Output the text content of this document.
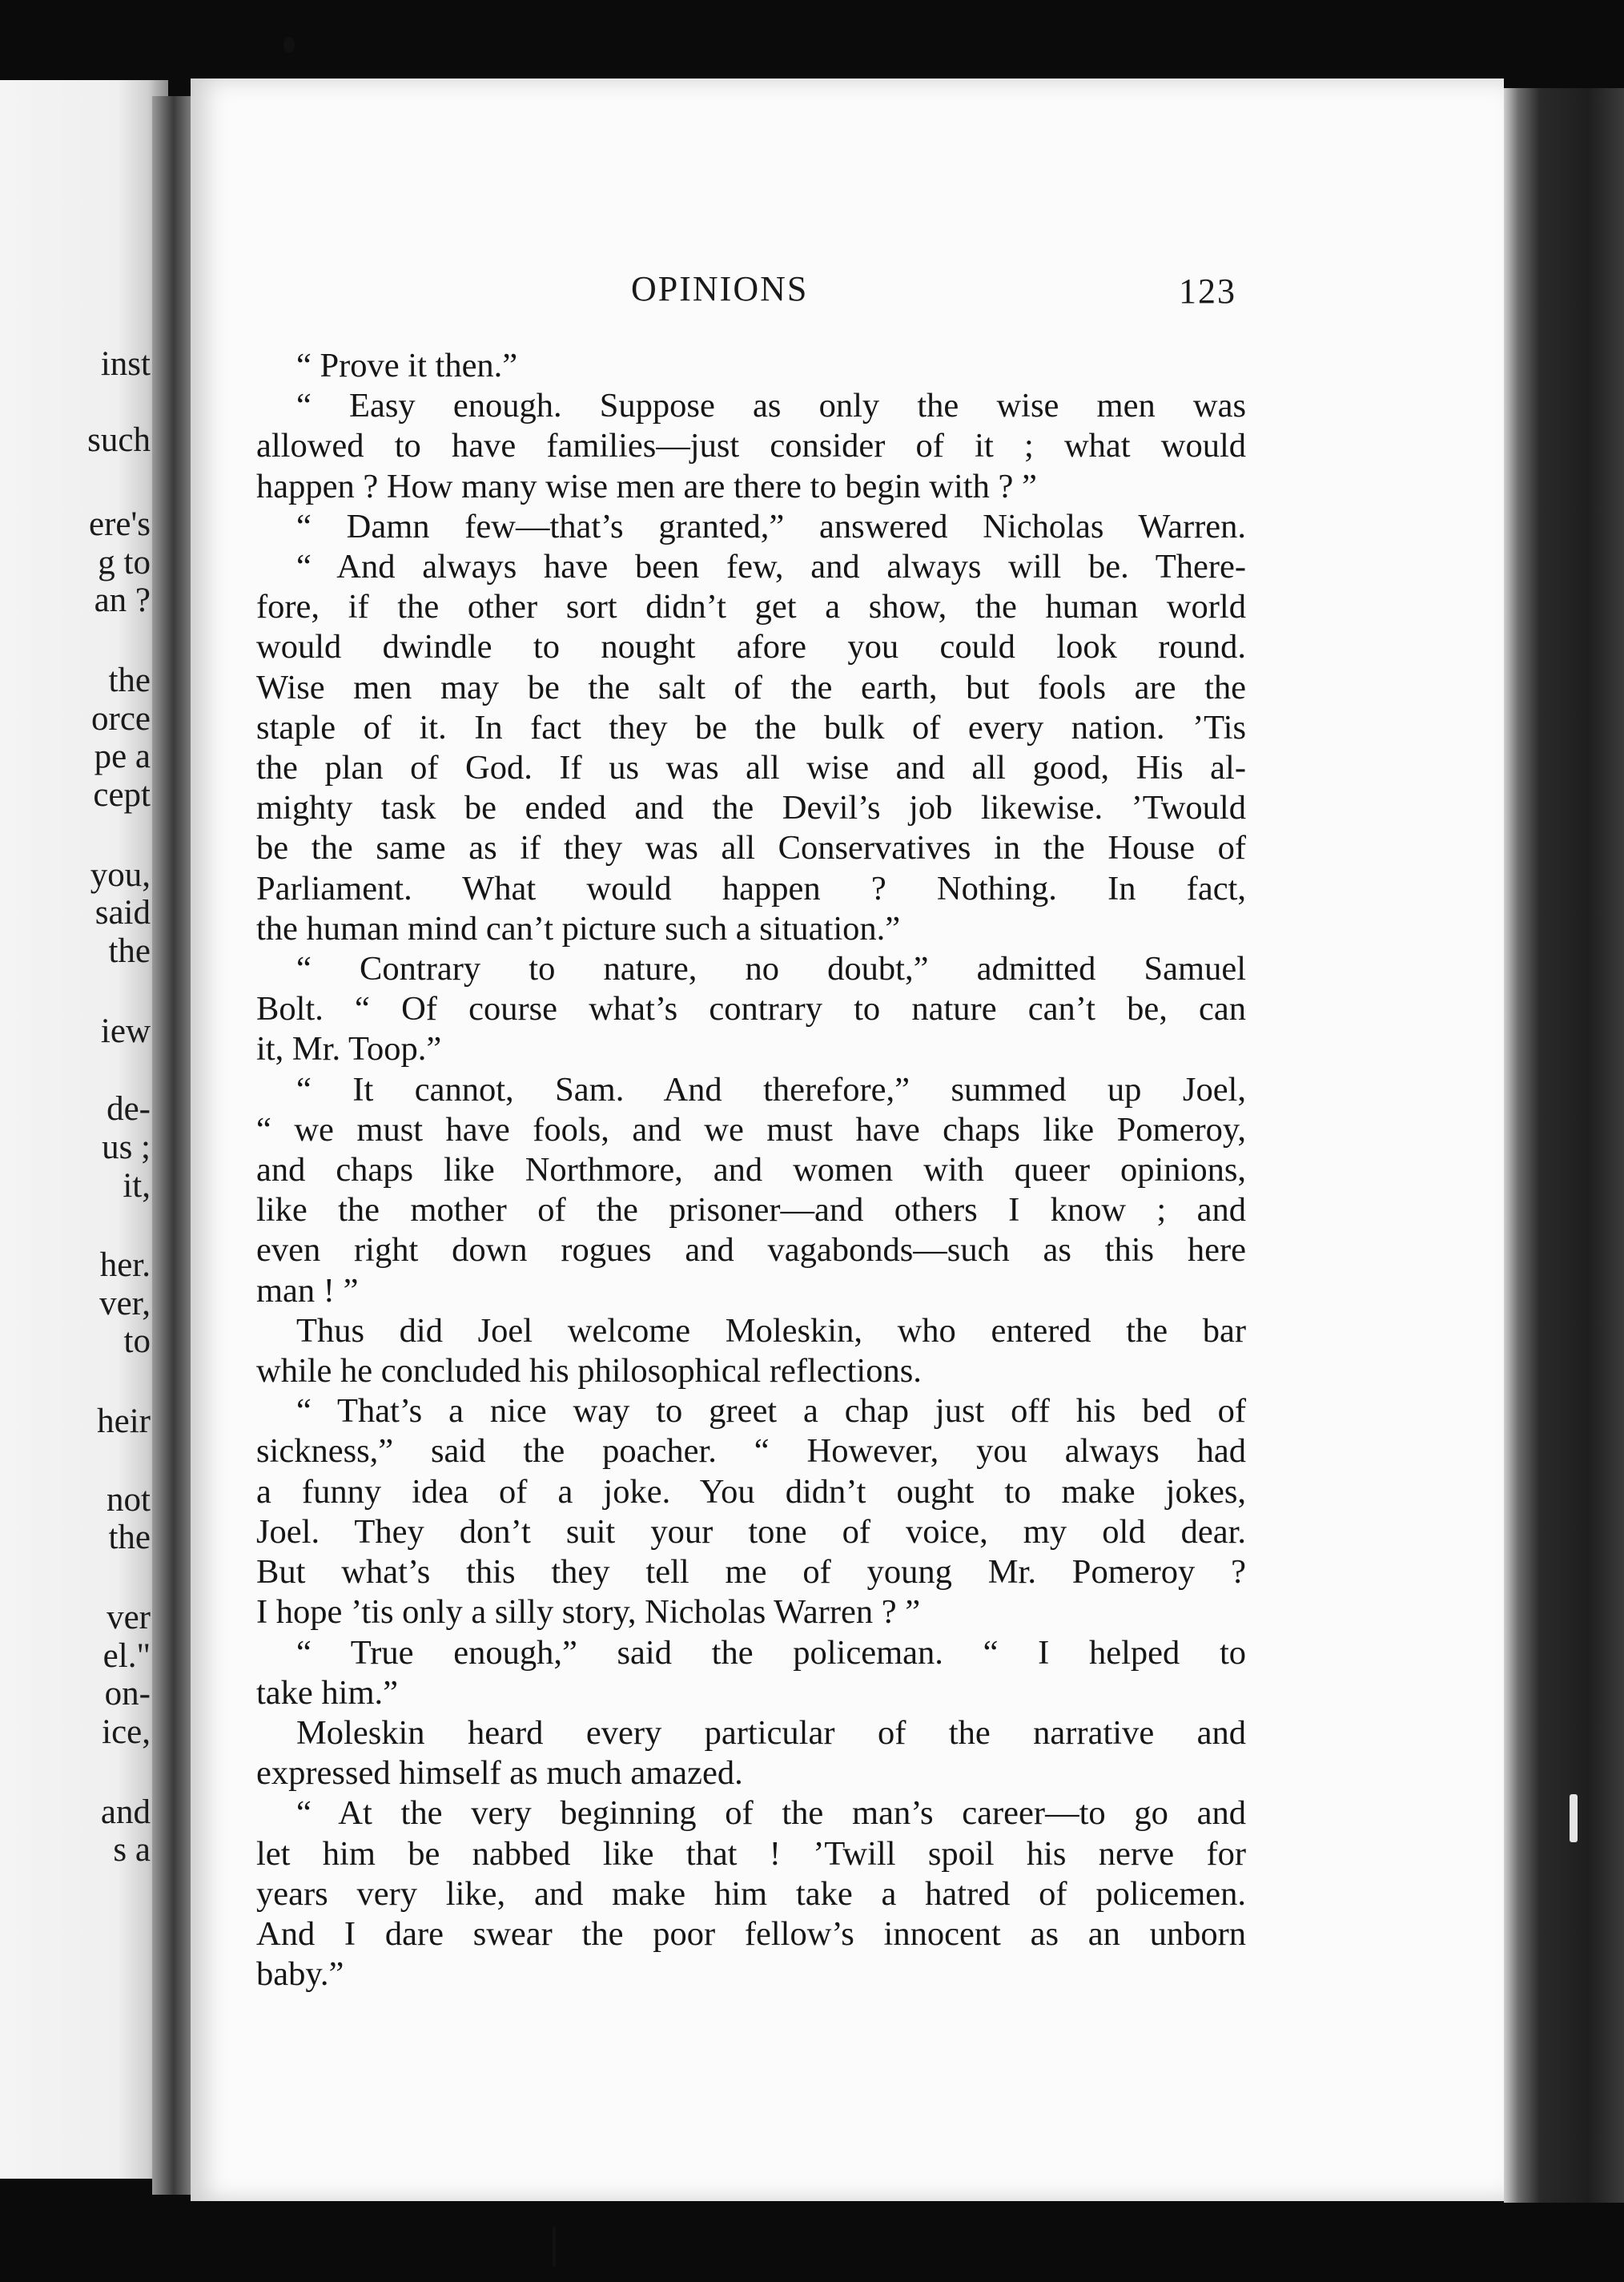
inst

such

ere's

g to

an ?

the

orce

pe a

cept

you,

said

the

iew

de-

us ;

it,

her.

ver,

to

heir

not

the

ver

el."

on-

ice,

and

s a

OPINIONS	123

“ Prove it then.”

“ Easy enough. Suppose as only the wise men was

allowed to have families—just consider of it ; what would

happen ? How many wise men are there to begin with ? ”

“ Damn few—that’s granted,” answered Nicholas Warren.

“ And always have been few, and always will be. There-

fore, if the other sort didn’t get a show, the human world

would dwindle to nought afore you could look round.

Wise men may be the salt of the earth, but fools are the

staple of it. In fact they be the bulk of every nation. ’Tis

the plan of God. If us was all wise and all good, His al-

mighty task be ended and the Devil’s job likewise. ’Twould

be the same as if they was all Conservatives in the House of

Parliament. What would happen ? Nothing. In fact,

the human mind can’t picture such a situation.”

“ Contrary to nature, no doubt,” admitted Samuel

Bolt. “ Of course what’s contrary to nature can’t be, can

it, Mr. Toop.”

“ It cannot, Sam. And therefore,” summed up Joel,

“ we must have fools, and we must have chaps like Pomeroy,

and chaps like Northmore, and women with queer opinions,

like the mother of the prisoner—and others I know ; and

even right down rogues and vagabonds—such as this here

man ! ”

Thus did Joel welcome Moleskin, who entered the bar

while he concluded his philosophical reflections.

“ That’s a nice way to greet a chap just off his bed of

sickness,” said the poacher. “ However, you always had

a funny idea of a joke. You didn’t ought to make jokes,

Joel. They don’t suit your tone of voice, my old dear.

But what’s this they tell me of young Mr. Pomeroy ?

I hope ’tis only a silly story, Nicholas Warren ? ”

“ True enough,” said the policeman. “ I helped to

take him.”

Moleskin heard every particular of the narrative and

expressed himself as much amazed.

“ At the very beginning of the man’s career—to go and

let him be nabbed like that ! ’Twill spoil his nerve for

years very like, and make him take a hatred of policemen.

And I dare swear the poor fellow’s innocent as an unborn

baby.”
